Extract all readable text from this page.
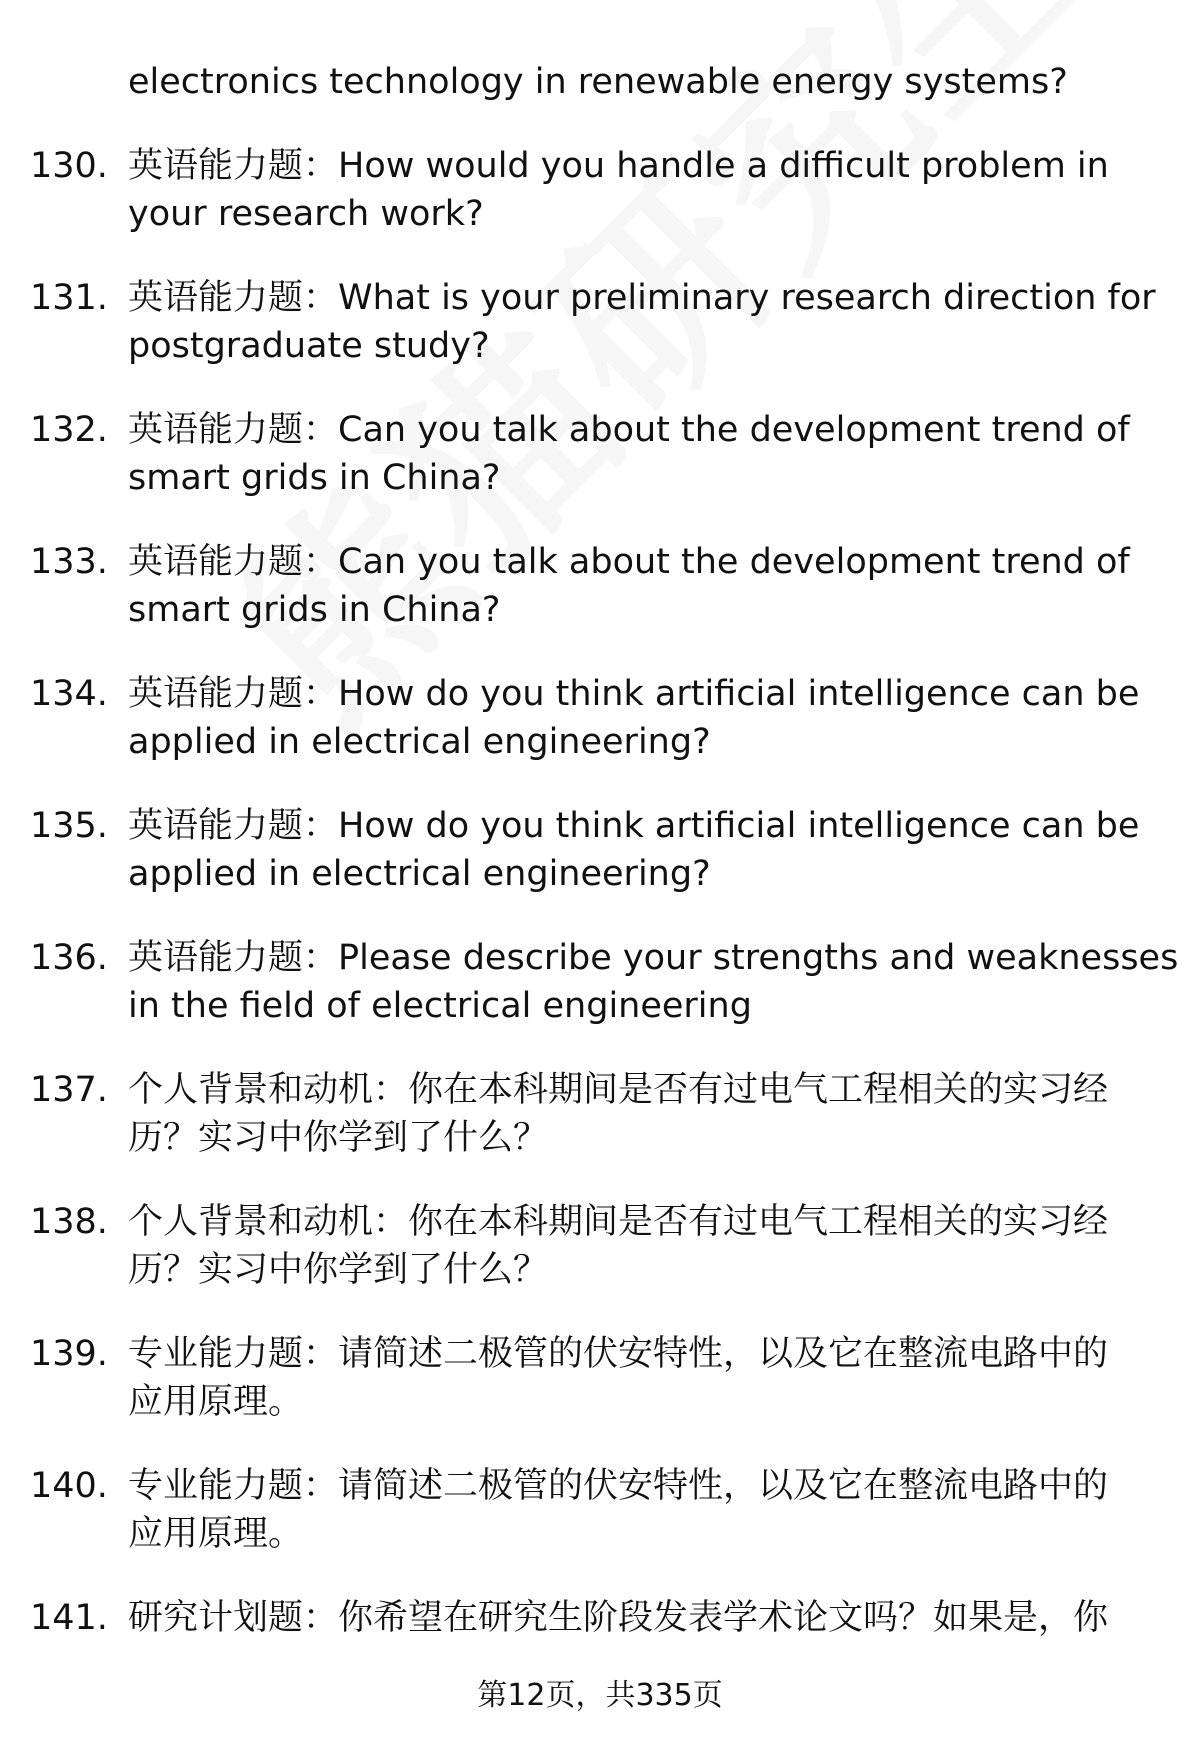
electronics technology in renewable energy systems?
130. 英语能力题：How would you handle a difficult problem in
your research work?
131. 英语能力题：What is your preliminary research direction for
postgraduate study?
132. 英语能力题：Can you talk about the development trend of
smart grids in China?
133. 英语能力题：Can you talk about the development trend of
smart grids in China?
134. 英语能力题：How do you think artificial intelligence can be
applied in electrical engineering?
135. 英语能力题：How do you think artificial intelligence can be
applied in electrical engineering?
136. 英语能力题：Please describe your strengths and weaknesses
in the field of electrical engineering
137. 个人背景和动机：你在本科期间是否有过电气工程相关的实习经
历？实习中你学到了什么？
138. 个人背景和动机：你在本科期间是否有过电气工程相关的实习经
历？实习中你学到了什么？
139. 专业能力题：请简述二极管的伏安特性，以及它在整流电路中的
应用原理。
140. 专业能力题：请简述二极管的伏安特性，以及它在整流电路中的
应用原理。
141. 研究计划题：你希望在研究生阶段发表学术论文吗？如果是，你
第12页，共335页
